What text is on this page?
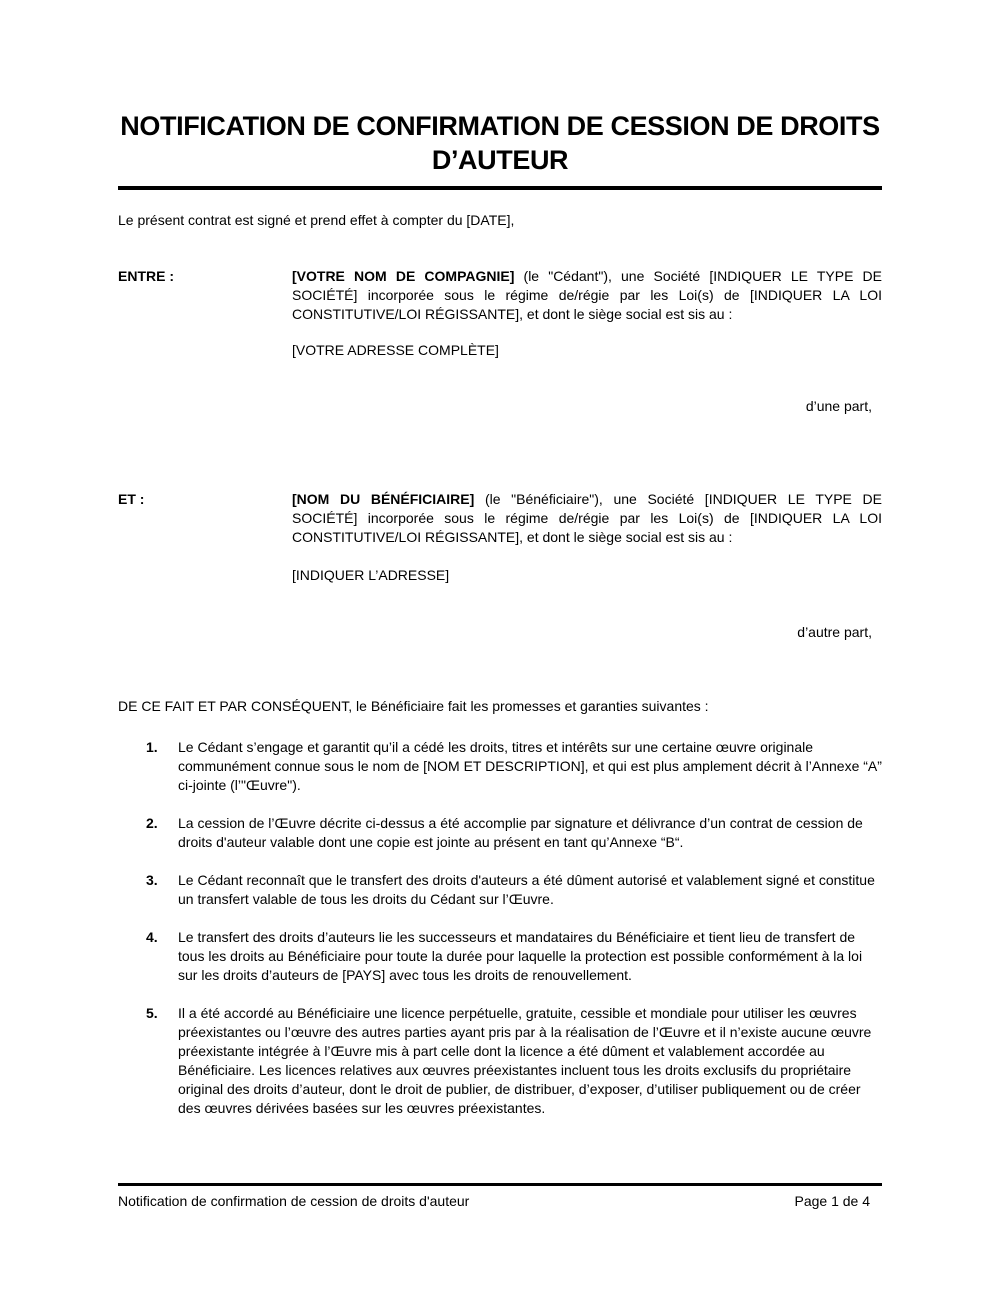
NOTIFICATION DE CONFIRMATION DE CESSION DE DROITS
D’AUTEUR

Le présent contrat est signé et prend effet à compter du [DATE],

ENTRE :	[VOTRE NOM DE COMPAGNIE] (le "Cédant"), une Société [INDIQUER LE TYPE DE SOCIÉTÉ] incorporée sous le régime de/régie par les Loi(s) de [INDIQUER LA LOI CONSTITUTIVE/LOI RÉGISSANTE], et dont le siège social est sis au :

[VOTRE ADRESSE COMPLÈTE]

d’une part,

ET :	[NOM DU BÉNÉFICIAIRE] (le "Bénéficiaire"), une Société [INDIQUER LE TYPE DE SOCIÉTÉ] incorporée sous le régime de/régie par les Loi(s) de [INDIQUER LA LOI CONSTITUTIVE/LOI RÉGISSANTE], et dont le siège social est sis au :

[INDIQUER L’ADRESSE]

d’autre part,

DE CE FAIT ET PAR CONSÉQUENT, le Bénéficiaire fait les promesses et garanties suivantes :

1.	Le Cédant s’engage et garantit qu’il a cédé les droits, titres et intérêts sur une certaine œuvre originale communément connue sous le nom de [NOM ET DESCRIPTION], et qui est plus amplement décrit à l’Annexe “A” ci-jointe (l’"Œuvre").
2.	La cession de l’Œuvre décrite ci-dessus a été accomplie par signature et délivrance d’un contrat de cession de droits d'auteur valable dont une copie est jointe au présent en tant qu’Annexe “B“.
3.	Le Cédant reconnaît que le transfert des droits d'auteurs a été dûment autorisé et valablement signé et constitue un transfert valable de tous les droits du Cédant sur l’Œuvre.
4.	Le transfert des droits d’auteurs lie les successeurs et mandataires du Bénéficiaire et tient lieu de transfert de tous les droits au Bénéficiaire pour toute la durée pour laquelle la protection est possible conformément à la loi sur les droits d’auteurs de [PAYS] avec tous les droits de renouvellement.
5.	Il a été accordé au Bénéficiaire une licence perpétuelle, gratuite, cessible et mondiale pour utiliser les œuvres préexistantes ou l’œuvre des autres parties ayant pris par à la réalisation de l’Œuvre et il n’existe aucune œuvre préexistante intégrée à l’Œuvre mis à part celle dont la licence a été dûment et valablement accordée au Bénéficiaire. Les licences relatives aux œuvres préexistantes incluent tous les droits exclusifs du propriétaire original des droits d’auteur, dont le droit de publier, de distribuer, d’exposer, d’utiliser publiquement ou de créer des œuvres dérivées basées sur les œuvres préexistantes.
Notification de confirmation de cession de droits d'auteur	Page 1 de 4
